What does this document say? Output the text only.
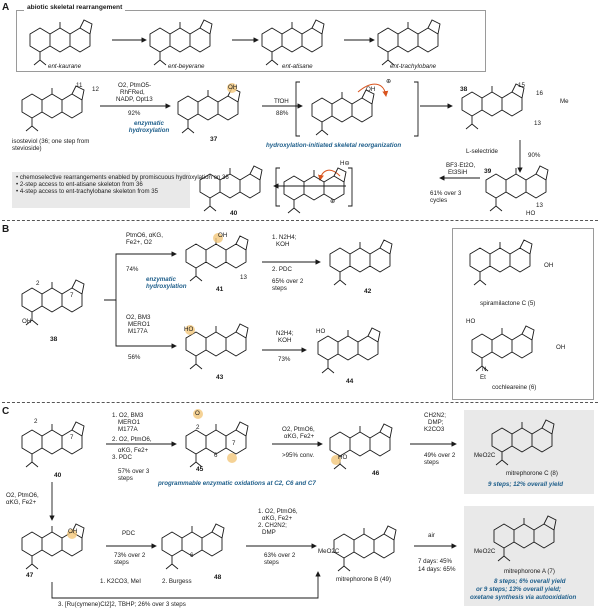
A
B
C
abiotic skeletal rearrangement
ent-kaurane	ent-beyerane	ent-atisane	ent-trachylobane
11
12
isosteviol (36; one step from stevioside)
O2, PtmO5-
RhFRed,
NADP, Opt13
92%
enzymatic hydroxylation
OH
37
TfOH
88%
OH
⊕
hydroxylation-initiated skeletal reorganization
38
15
16
13
Me
L-selectride
90%
39
13
HO
BF3·Et2O,
Et3SiH
61% over 3 cycles
H⊖
⊕
40
• chemoselective rearrangements enabled by promiscuous hydroxylation on 36
• 2-step access to ent-atisane skeleton from 36
• 4-step access to ent-trachylobane skeleton from 35
2
7
OH
38
PtmO6, αKG,
Fe2+, O2
74%
enzymatic hydroxylation
OH
13
41
1. N2H4;
KOH
2. PDC
65% over 2 steps	42
O2, BM3
MERO1
M177A
56%
HO
43
N2H4;
KOH
73%
HO
44
OH
spiramilactone C (5)
HO
N
Et
OH
cochleareine (6)
2
7
40
1. O2, BM3
MERO1
M177A
2. O2, PtmO6,
αKG, Fe2+
3. PDC
57% over 3 steps
O
2
6
7
45
O2, PtmO6,
αKG, Fe2+
>95% conv.	HO
46
CH2N2;
DMP;
K2CO3
49% over 2 steps
MeO2C
mitrephorone C (8)
9 steps; 12% overall yield
programmable enzymatic oxidations at C2, C6 and C7
O2, PtmO6,
αKG, Fe2+
OH
47
PDC
73% over 2 steps
6
48
1. O2, PtmO6,
αKG, Fe2+
2. CH2N2;
DMP
63% over 2 steps
MeO2C
mitrephorone B (49)
air
7 days: 45%
14 days: 65%
MeO2C
mitrephorone A (7)
8 steps; 6% overall yield
or 9 steps; 13% overall yield;
oxetane synthesis via autooxidation
1. K2CO3, MeI	2. Burgess
3. [Ru(cymene)Cl2]2, TBHP; 26% over 3 steps
